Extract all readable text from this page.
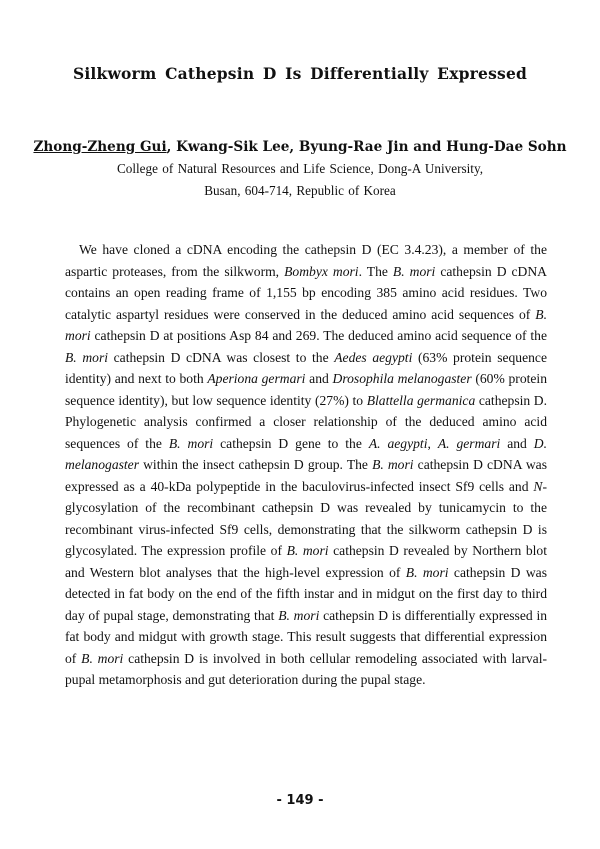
Silkworm Cathepsin D Is Differentially Expressed
Zhong-Zheng Gui, Kwang-Sik Lee, Byung-Rae Jin and Hung-Dae Sohn
College of Natural Resources and Life Science, Dong-A University,
Busan, 604-714, Republic of Korea

We have cloned a cDNA encoding the cathepsin D (EC 3.4.23), a member of the aspartic proteases, from the silkworm, Bombyx mori. The B. mori cathepsin D cDNA contains an open reading frame of 1,155 bp encoding 385 amino acid residues. Two catalytic aspartyl residues were conserved in the deduced amino acid sequences of B. mori cathepsin D at positions Asp 84 and 269. The deduced amino acid sequence of the B. mori cathepsin D cDNA was closest to the Aedes aegypti (63% protein sequence identity) and next to both Aperiona germari and Drosophila melanogaster (60% protein sequence identity), but low sequence identity (27%) to Blattella germanica cathepsin D. Phylogenetic analysis confirmed a closer relationship of the deduced amino acid sequences of the B. mori cathepsin D gene to the A. aegypti, A. germari and D. melanogaster within the insect cathepsin D group. The B. mori cathepsin D cDNA was expressed as a 40-kDa polypeptide in the baculovirus-infected insect Sf9 cells and N-glycosylation of the recombinant cathepsin D was revealed by tunicamycin to the recombinant virus-infected Sf9 cells, demonstrating that the silkworm cathepsin D is glycosylated. The expression profile of B. mori cathepsin D revealed by Northern blot and Western blot analyses that the high-level expression of B. mori cathepsin D was detected in fat body on the end of the fifth instar and in midgut on the first day to third day of pupal stage, demonstrating that B. mori cathepsin D is differentially expressed in fat body and midgut with growth stage. This result suggests that differential expression of B. mori cathepsin D is involved in both cellular remodeling associated with larval-pupal metamorphosis and gut deterioration during the pupal stage.

- 149 -
